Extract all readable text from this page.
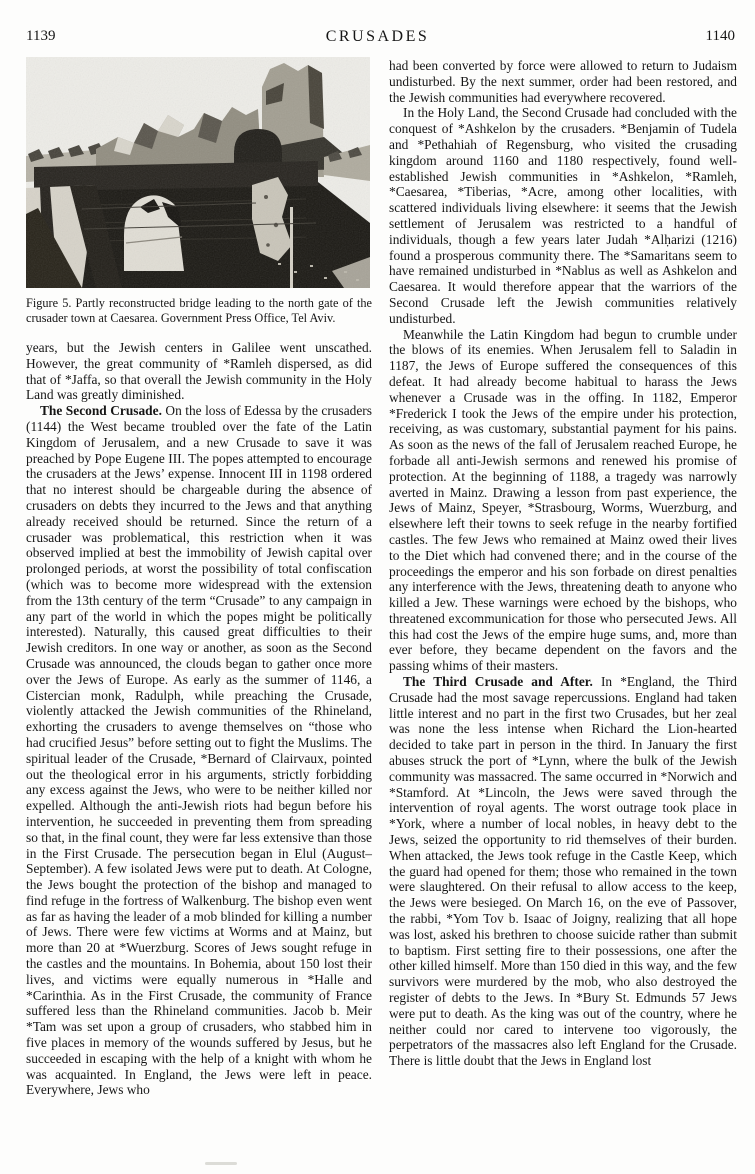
1139	CRUSADES	1140
Figure 5. Partly reconstructed bridge leading to the north gate of the crusader town at Caesarea. Government Press Office, Tel Aviv.

years, but the Jewish centers in Galilee went unscathed. However, the great community of *Ramleh dispersed, as did that of *Jaffa, so that overall the Jewish community in the Holy Land was greatly diminished.

The Second Crusade. On the loss of Edessa by the crusaders (1144) the West became troubled over the fate of the Latin Kingdom of Jerusalem, and a new Crusade to save it was preached by Pope Eugene III. The popes attempted to encourage the crusaders at the Jews’ expense. Innocent III in 1198 ordered that no interest should be chargeable during the absence of crusaders on debts they incurred to the Jews and that anything already received should be returned. Since the return of a crusader was problematical, this restriction when it was observed implied at best the immobility of Jewish capital over prolonged periods, at worst the possibility of total confiscation (which was to become more widespread with the extension from the 13th century of the term “Crusade” to any campaign in any part of the world in which the popes might be politically interested). Naturally, this caused great difficulties to their Jewish creditors. In one way or another, as soon as the Second Crusade was announced, the clouds began to gather once more over the Jews of Europe. As early as the summer of 1146, a Cistercian monk, Radulph, while preaching the Crusade, violently attacked the Jewish communities of the Rhineland, exhorting the crusaders to avenge themselves on “those who had crucified Jesus” before setting out to fight the Muslims. The spiritual leader of the Crusade, *Bernard of Clairvaux, pointed out the theological error in his arguments, strictly forbidding any excess against the Jews, who were to be neither killed nor expelled. Although the anti-Jewish riots had begun before his intervention, he succeeded in preventing them from spreading so that, in the final count, they were far less extensive than those in the First Crusade. The persecution began in Elul (August–September). A few isolated Jews were put to death. At Cologne, the Jews bought the protection of the bishop and managed to find refuge in the fortress of Walkenburg. The bishop even went as far as having the leader of a mob blinded for killing a number of Jews. There were few victims at Worms and at Mainz, but more than 20 at *Wuerzburg. Scores of Jews sought refuge in the castles and the mountains. In Bohemia, about 150 lost their lives, and victims were equally numerous in *Halle and *Carinthia. As in the First Crusade, the community of France suffered less than the Rhineland communities. Jacob b. Meir *Tam was set upon a group of crusaders, who stabbed him in five places in memory of the wounds suffered by Jesus, but he succeeded in escaping with the help of a knight with whom he was acquainted. In England, the Jews were left in peace. Everywhere, Jews who

had been converted by force were allowed to return to Judaism undisturbed. By the next summer, order had been restored, and the Jewish communities had everywhere recovered.

In the Holy Land, the Second Crusade had concluded with the conquest of *Ashkelon by the crusaders. *Benjamin of Tudela and *Pethahiah of Regensburg, who visited the crusading kingdom around 1160 and 1180 respectively, found well-established Jewish communities in *Ashkelon, *Ramleh, *Caesarea, *Tiberias, *Acre, among other localities, with scattered individuals living elsewhere: it seems that the Jewish settlement of Jerusalem was restricted to a handful of individuals, though a few years later Judah *Alḥarizi (1216) found a prosperous community there. The *Samaritans seem to have remained undisturbed in *Nablus as well as Ashkelon and Caesarea. It would therefore appear that the warriors of the Second Crusade left the Jewish communities relatively undisturbed.

Meanwhile the Latin Kingdom had begun to crumble under the blows of its enemies. When Jerusalem fell to Saladin in 1187, the Jews of Europe suffered the consequences of this defeat. It had already become habitual to harass the Jews whenever a Crusade was in the offing. In 1182, Emperor *Frederick I took the Jews of the empire under his protection, receiving, as was customary, substantial payment for his pains. As soon as the news of the fall of Jerusalem reached Europe, he forbade all anti-Jewish sermons and renewed his promise of protection. At the beginning of 1188, a tragedy was narrowly averted in Mainz. Drawing a lesson from past experience, the Jews of Mainz, Speyer, *Strasbourg, Worms, Wuerzburg, and elsewhere left their towns to seek refuge in the nearby fortified castles. The few Jews who remained at Mainz owed their lives to the Diet which had convened there; and in the course of the proceedings the emperor and his son forbade on direst penalties any interference with the Jews, threatening death to anyone who killed a Jew. These warnings were echoed by the bishops, who threatened excommunication for those who persecuted Jews. All this had cost the Jews of the empire huge sums, and, more than ever before, they became dependent on the favors and the passing whims of their masters.

The Third Crusade and After. In *England, the Third Crusade had the most savage repercussions. England had taken little interest and no part in the first two Crusades, but her zeal was none the less intense when Richard the Lion-hearted decided to take part in person in the third. In January the first abuses struck the port of *Lynn, where the bulk of the Jewish community was massacred. The same occurred in *Norwich and *Stamford. At *Lincoln, the Jews were saved through the intervention of royal agents. The worst outrage took place in *York, where a number of local nobles, in heavy debt to the Jews, seized the opportunity to rid themselves of their burden. When attacked, the Jews took refuge in the Castle Keep, which the guard had opened for them; those who remained in the town were slaughtered. On their refusal to allow access to the keep, the Jews were besieged. On March 16, on the eve of Passover, the rabbi, *Yom Tov b. Isaac of Joigny, realizing that all hope was lost, asked his brethren to choose suicide rather than submit to baptism. First setting fire to their possessions, one after the other killed himself. More than 150 died in this way, and the few survivors were murdered by the mob, who also destroyed the register of debts to the Jews. In *Bury St. Edmunds 57 Jews were put to death. As the king was out of the country, where he neither could nor cared to intervene too vigorously, the perpetrators of the massacres also left England for the Crusade. There is little doubt that the Jews in England lost
